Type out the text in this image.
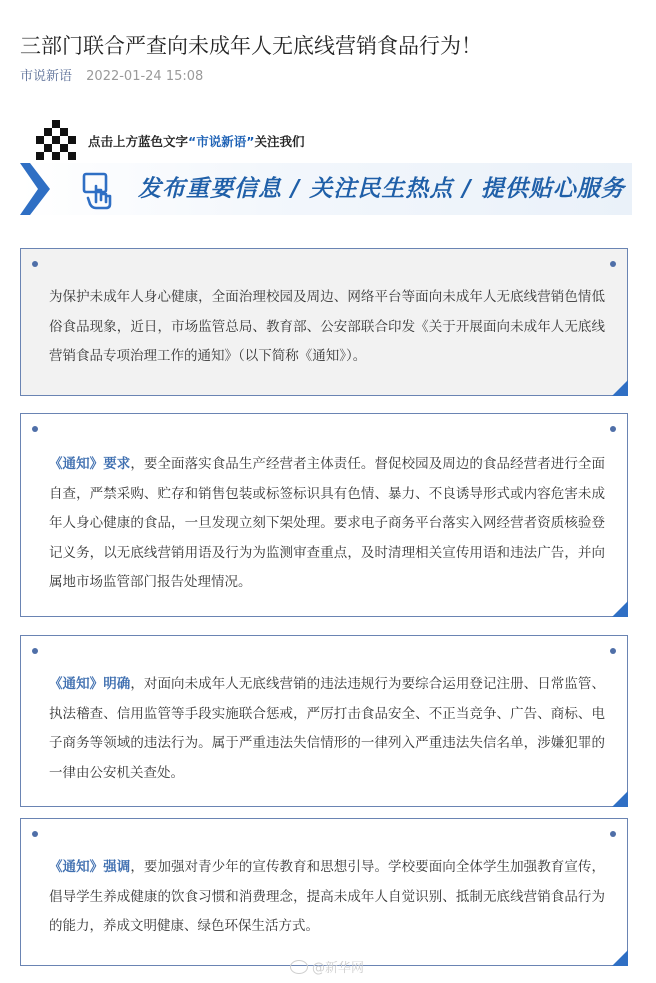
三部门联合严查向未成年人无底线营销食品行为！
市说新语 2022-01-24 15:08
点击上方蓝色文字“市说新语”关注我们
发布重要信息 / 关注民生热点 / 提供贴心服务

为保护未成年人身心健康，全面治理校园及周边、网络平台等面向未成年人无底线营销色情低俗食品现象，近日，市场监管总局、教育部、公安部联合印发《关于开展面向未成年人无底线营销食品专项治理工作的通知》（以下简称《通知》）。

《通知》要求，要全面落实食品生产经营者主体责任。督促校园及周边的食品经营者进行全面自查，严禁采购、贮存和销售包装或标签标识具有色情、暴力、不良诱导形式或内容危害未成年人身心健康的食品，一旦发现立刻下架处理。要求电子商务平台落实入网经营者资质核验登记义务，以无底线营销用语及行为为监测审查重点，及时清理相关宣传用语和违法广告，并向属地市场监管部门报告处理情况。

《通知》明确，对面向未成年人无底线营销的违法违规行为要综合运用登记注册、日常监管、执法稽查、信用监管等手段实施联合惩戒，严厉打击食品安全、不正当竞争、广告、商标、电子商务等领域的违法行为。属于严重违法失信情形的一律列入严重违法失信名单，涉嫌犯罪的一律由公安机关查处。

《通知》强调，要加强对青少年的宣传教育和思想引导。学校要面向全体学生加强教育宣传，倡导学生养成健康的饮食习惯和消费理念，提高未成年人自觉识别、抵制无底线营销食品行为的能力，养成文明健康、绿色环保生活方式。

@新华网
